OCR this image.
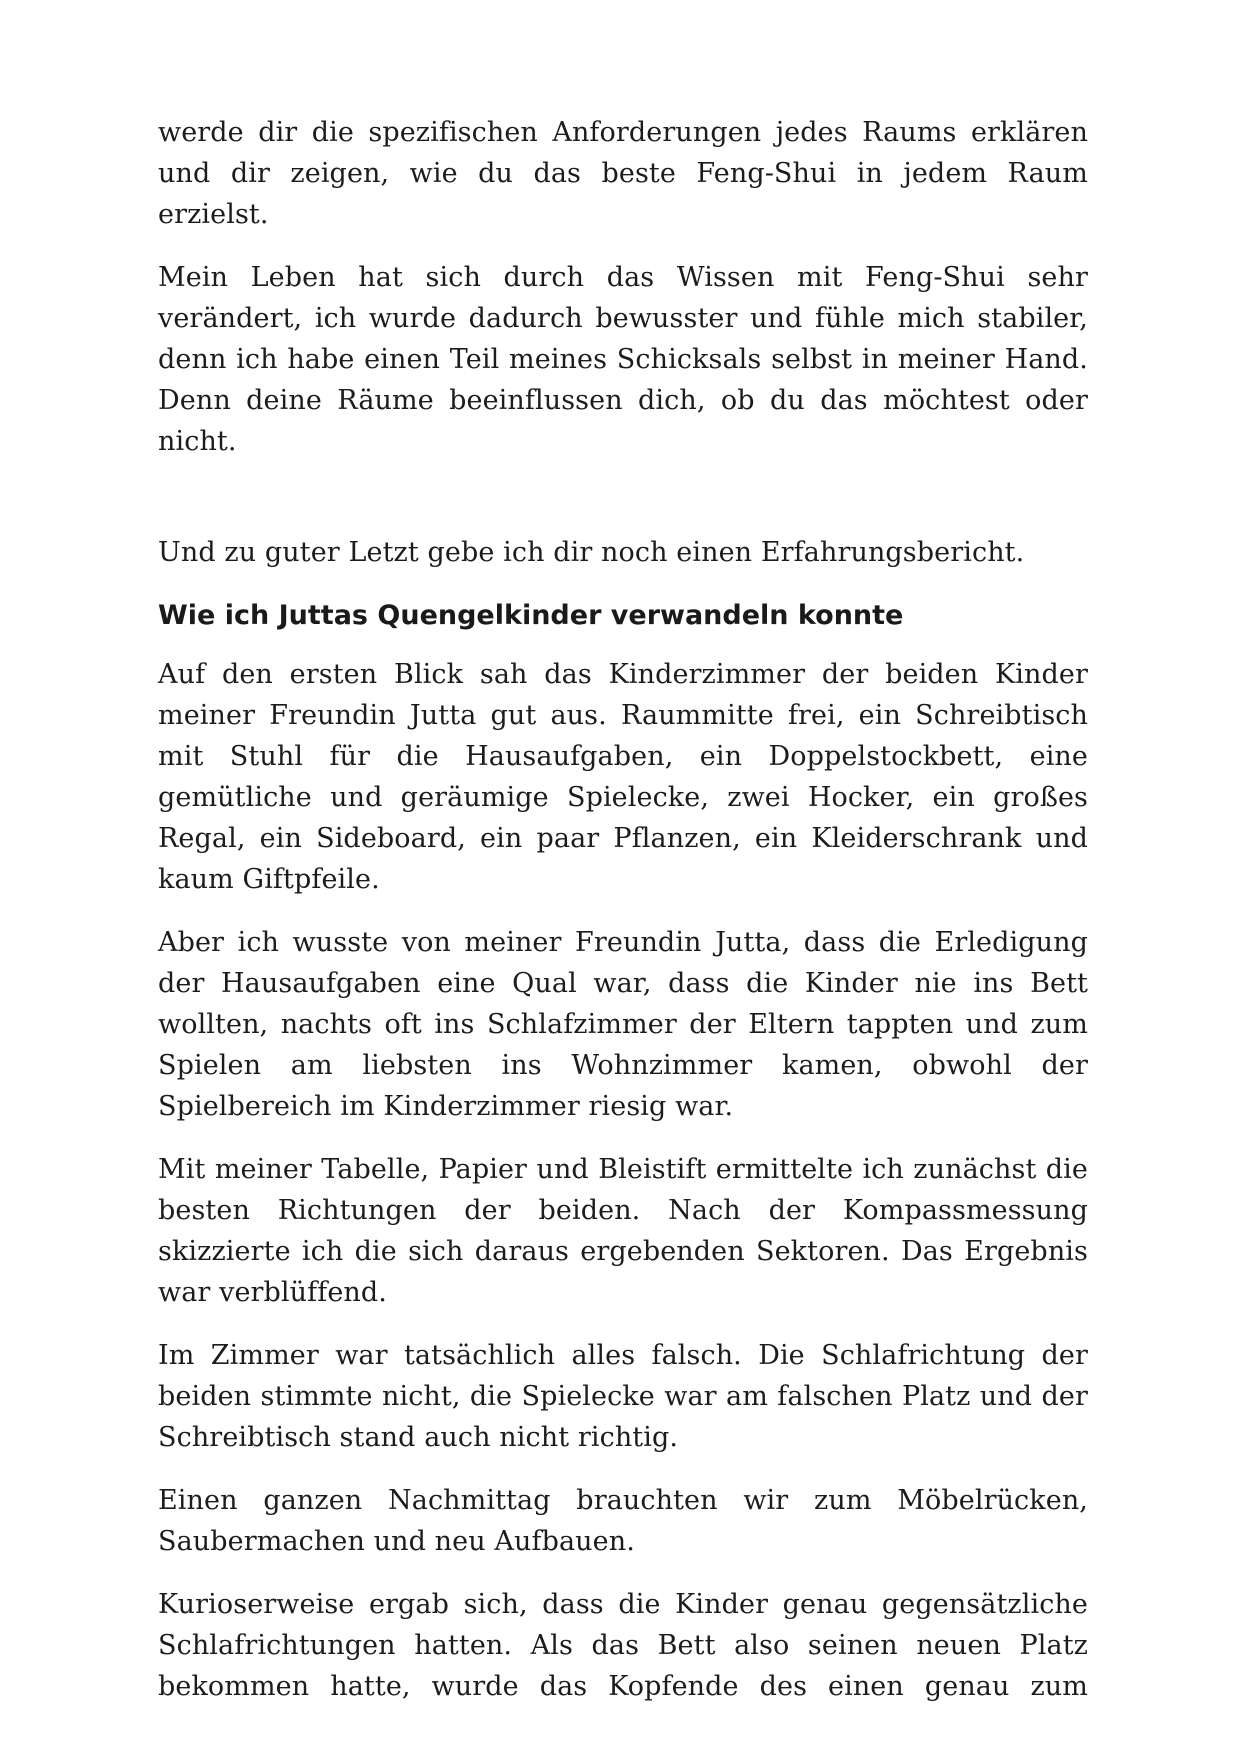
werde dir die spezifischen Anforderungen jedes Raums erklären und dir zeigen, wie du das beste Feng-Shui in jedem Raum erzielst.

Mein Leben hat sich durch das Wissen mit Feng-Shui sehr verändert, ich wurde dadurch bewusster und fühle mich stabiler, denn ich habe einen Teil meines Schicksals selbst in meiner Hand. Denn deine Räume beeinflussen dich, ob du das möchtest oder nicht.

Und zu guter Letzt gebe ich dir noch einen Erfahrungsbericht.

Wie ich Juttas Quengelkinder verwandeln konnte

Auf den ersten Blick sah das Kinderzimmer der beiden Kinder meiner Freundin Jutta gut aus. Raummitte frei, ein Schreibtisch mit Stuhl für die Hausaufgaben, ein Doppelstockbett, eine gemütliche und geräumige Spielecke, zwei Hocker, ein großes Regal, ein Sideboard, ein paar Pflanzen, ein Kleiderschrank und kaum Giftpfeile.

Aber ich wusste von meiner Freundin Jutta, dass die Erledigung der Hausaufgaben eine Qual war, dass die Kinder nie ins Bett wollten, nachts oft ins Schlafzimmer der Eltern tappten und zum Spielen am liebsten ins Wohnzimmer kamen, obwohl der Spielbereich im Kinderzimmer riesig war.

Mit meiner Tabelle, Papier und Bleistift ermittelte ich zunächst die besten Richtungen der beiden. Nach der Kompassmessung skizzierte ich die sich daraus ergebenden Sektoren. Das Ergebnis war verblüffend.

Im Zimmer war tatsächlich alles falsch. Die Schlafrichtung der beiden stimmte nicht, die Spielecke war am falschen Platz und der Schreibtisch stand auch nicht richtig.

Einen ganzen Nachmittag brauchten wir zum Möbelrücken, Saubermachen und neu Aufbauen.

Kurioserweise ergab sich, dass die Kinder genau gegensätzliche Schlafrichtungen hatten. Als das Bett also seinen neuen Platz bekommen hatte, wurde das Kopfende des einen genau zum
